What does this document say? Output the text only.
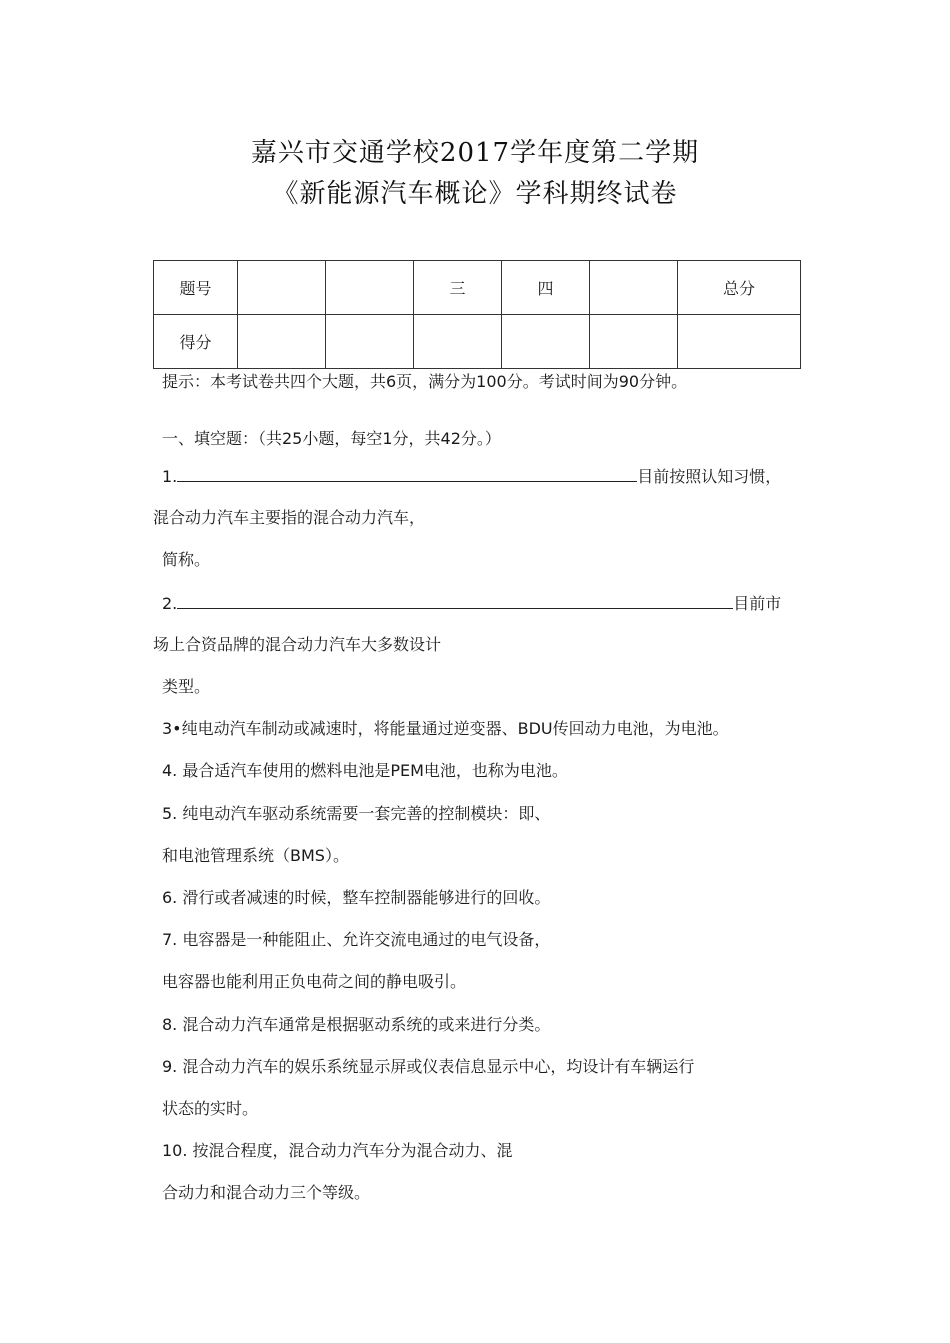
嘉兴市交通学校2017学年度第二学期
《新能源汽车概论》学科期终试卷
题号			三	四		总分
得分						
提示：本考试卷共四个大题，共6页，满分为100分。考试时间为90分钟。
一、填空题：（共25小题，每空1分，共42分。）
1.	目前按照认知习惯，
混合动力汽车主要指的混合动力汽车，
简称。
2.	目前市
场上合资品牌的混合动力汽车大多数设计
类型。
3•纯电动汽车制动或减速时，将能量通过逆变器、BDU传回动力电池，为电池。
4. 最合适汽车使用的燃料电池是PEM电池，也称为电池。
5. 纯电动汽车驱动系统需要一套完善的控制模块：即、
和电池管理系统（BMS）。
6. 滑行或者减速的时候，整车控制器能够进行的回收。
7. 电容器是一种能阻止、允许交流电通过的电气设备，
电容器也能利用正负电荷之间的静电吸引。
8. 混合动力汽车通常是根据驱动系统的或来进行分类。
9. 混合动力汽车的娱乐系统显示屏或仪表信息显示中心，均设计有车辆运行
状态的实时。
10. 按混合程度，混合动力汽车分为混合动力、混
合动力和混合动力三个等级。
